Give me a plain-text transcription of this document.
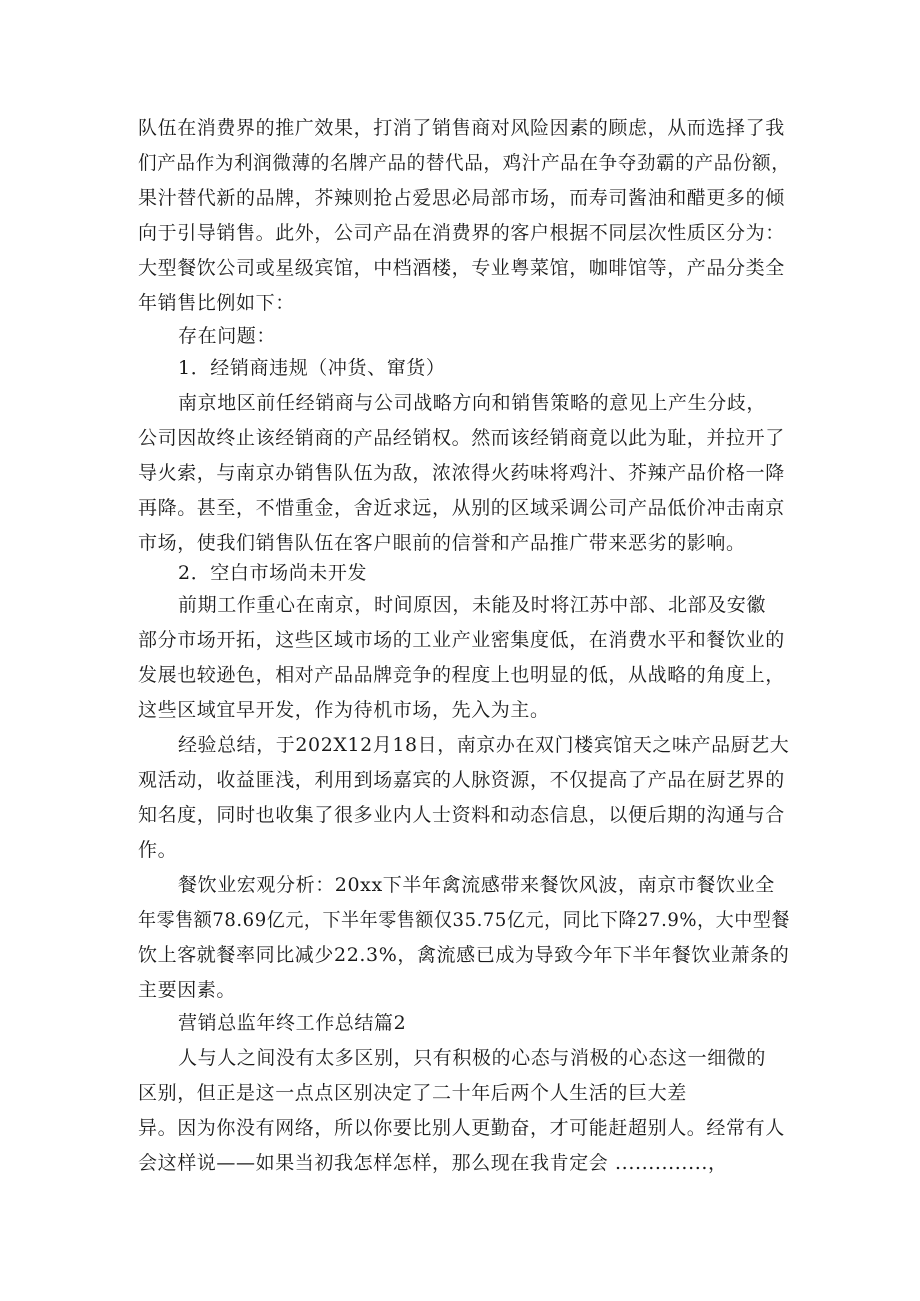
队伍在消费界的推广效果，打消了销售商对风险因素的顾虑，从而选择了我
们产品作为利润微薄的名牌产品的替代品，鸡汁产品在争夺劲霸的产品份额，
果汁替代新的品牌，芥辣则抢占爱思必局部市场，而寿司酱油和醋更多的倾
向于引导销售。此外，公司产品在消费界的客户根据不同层次性质区分为：
大型餐饮公司或星级宾馆，中档酒楼，专业粤菜馆，咖啡馆等，产品分类全
年销售比例如下：
存在问题：
1．经销商违规（冲货、窜货）
南京地区前任经销商与公司战略方向和销售策略的意见上产生分歧，
公司因故终止该经销商的产品经销权。然而该经销商竟以此为耻，并拉开了
导火索，与南京办销售队伍为敌，浓浓得火药味将鸡汁、芥辣产品价格一降
再降。甚至，不惜重金，舍近求远，从别的区域采调公司产品低价冲击南京
市场，使我们销售队伍在客户眼前的信誉和产品推广带来恶劣的影响。
2．空白市场尚未开发
前期工作重心在南京，时间原因，未能及时将江苏中部、北部及安徽
部分市场开拓，这些区域市场的工业产业密集度低，在消费水平和餐饮业的
发展也较逊色，相对产品品牌竞争的程度上也明显的低，从战略的角度上，
这些区域宜早开发，作为待机市场，先入为主。
经验总结，于202X12月18日，南京办在双门楼宾馆天之味产品厨艺大
观活动，收益匪浅，利用到场嘉宾的人脉资源，不仅提高了产品在厨艺界的
知名度，同时也收集了很多业内人士资料和动态信息，以便后期的沟通与合
作。
餐饮业宏观分析：20xx下半年禽流感带来餐饮风波，南京市餐饮业全
年零售额78.69亿元，下半年零售额仅35.75亿元，同比下降27.9%，大中型餐
饮上客就餐率同比减少22.3%，禽流感已成为导致今年下半年餐饮业萧条的
主要因素。
营销总监年终工作总结篇2
人与人之间没有太多区别，只有积极的心态与消极的心态这一细微的
区别，但正是这一点点区别决定了二十年后两个人生活的巨大差
异。因为你没有网络，所以你要比别人更勤奋，才可能赶超别人。经常有人
会这样说——如果当初我怎样怎样，那么现在我肯定会 ..............，
